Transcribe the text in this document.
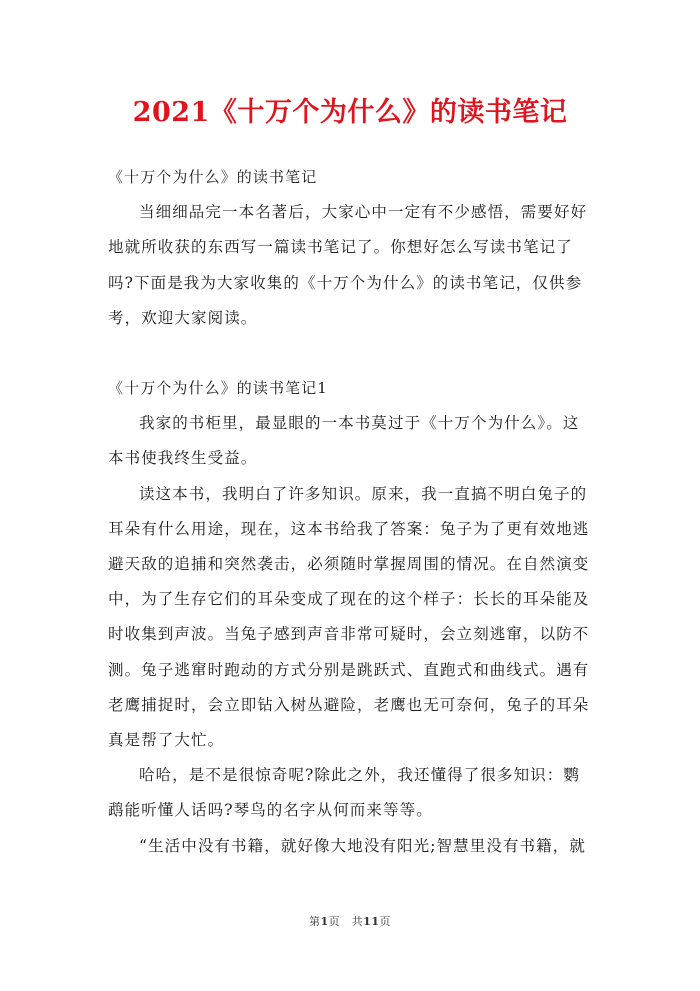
2021《十万个为什么》的读书笔记

《十万个为什么》的读书笔记

当细细品完一本名著后，大家心中一定有不少感悟，需要好好地就所收获的东西写一篇读书笔记了。你想好怎么写读书笔记了吗?下面是我为大家收集的《十万个为什么》的读书笔记，仅供参考，欢迎大家阅读。

《十万个为什么》的读书笔记1

我家的书柜里，最显眼的一本书莫过于《十万个为什么》。这本书使我终生受益。

读这本书，我明白了许多知识。原来，我一直搞不明白兔子的耳朵有什么用途，现在，这本书给我了答案：兔子为了更有效地逃避天敌的追捕和突然袭击，必须随时掌握周围的情况。在自然演变中，为了生存它们的耳朵变成了现在的这个样子：长长的耳朵能及时收集到声波。当兔子感到声音非常可疑时，会立刻逃窜，以防不测。兔子逃窜时跑动的方式分别是跳跃式、直跑式和曲线式。遇有老鹰捕捉时，会立即钻入树丛避险，老鹰也无可奈何，兔子的耳朵真是帮了大忙。

哈哈，是不是很惊奇呢?除此之外，我还懂得了很多知识：鹦鹉能听懂人话吗?琴鸟的名字从何而来等等。

“生活中没有书籍，就好像大地没有阳光;智慧里没有书籍，就

第1页　共11页
